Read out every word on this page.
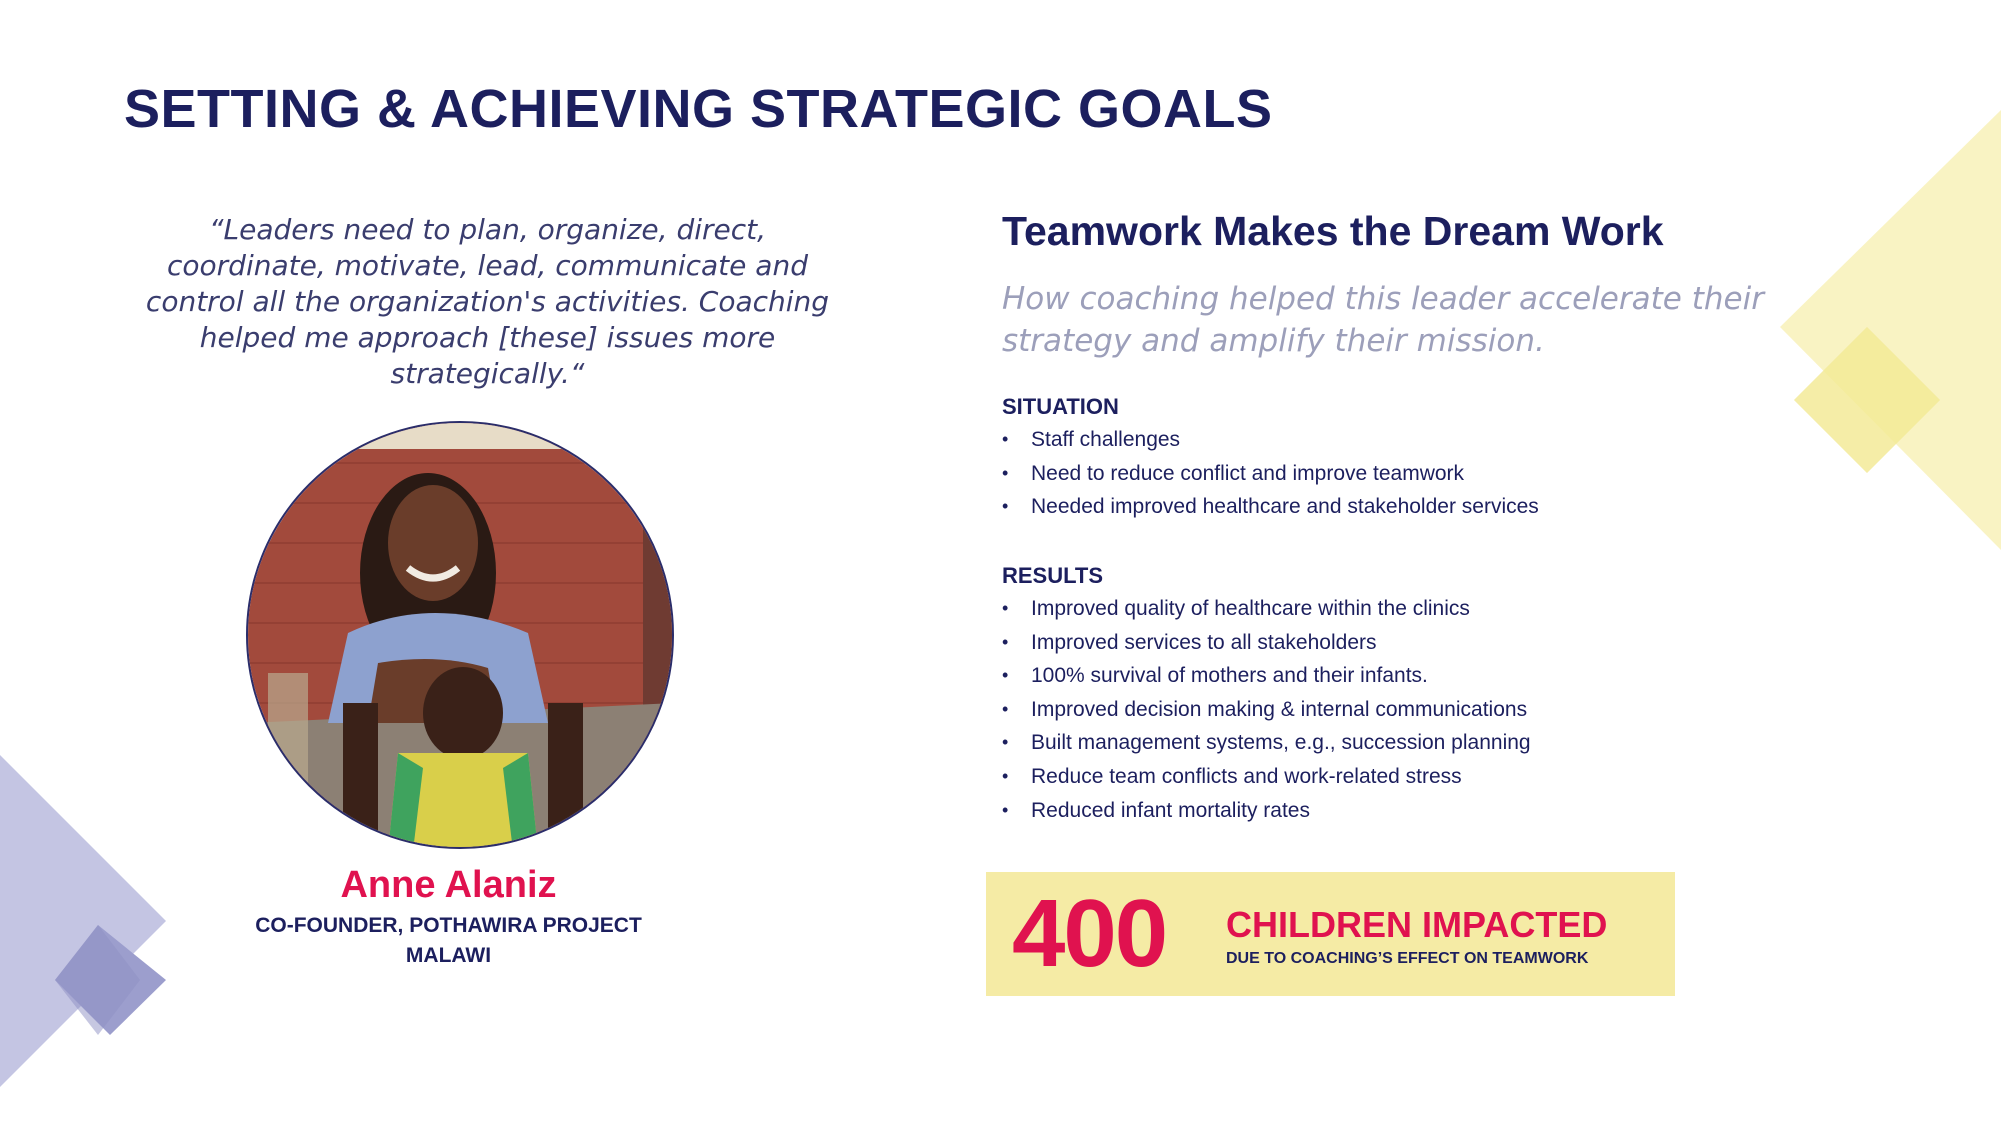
SETTING & ACHIEVING STRATEGIC GOALS

“Leaders need to plan, organize, direct, coordinate, motivate, lead, communicate and control all the organization's activities. Coaching helped me approach [these] issues more strategically.“

Anne Alaniz

CO-FOUNDER, POTHAWIRA PROJECT

MALAWI

Teamwork Makes the Dream Work

How coaching helped this leader accelerate their strategy and amplify their mission.

SITUATION
• Staff challenges
• Need to reduce conflict and improve teamwork
• Needed improved healthcare and stakeholder services
RESULTS
• Improved quality of healthcare within the clinics
• Improved services to all stakeholders
• 100% survival of mothers and their infants.
• Improved decision making & internal communications
• Built management systems, e.g., succession planning
• Reduce team conflicts and work-related stress
• Reduced infant mortality rates

400 CHILDREN IMPACTED

DUE TO COACHING’S EFFECT ON TEAMWORK
